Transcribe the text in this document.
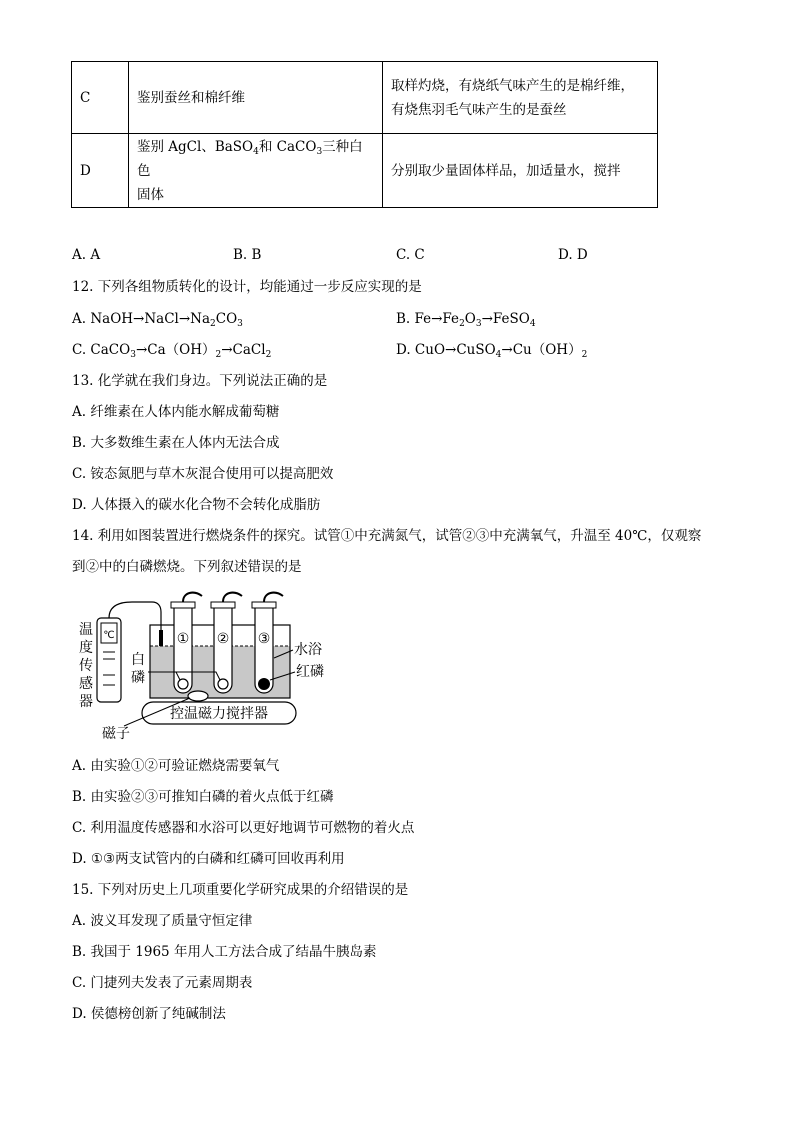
C	鉴别蚕丝和棉纤维	取样灼烧，有烧纸气味产生的是棉纤维，
有烧焦羽毛气味产生的是蚕丝

D	鉴别 AgCl、BaSO$_4$和 CaCO$_3$三种白色
固体	分别取少量固体样品，加适量水，搅拌
A. A	B. B	C. C	D. D
12. 下列各组物质转化的设计，均能通过一步反应实现的是
A. $NaOH\to NaCl\to Na_2CO_3$	B. $Fe\to Fe_2O_3\to FeSO_4$
C. $CaCO_3\to Ca(OH)_2\to CaCl_2$	D. $CuO\to CuSO_4\to Cu(OH)_2$
13. 化学就在我们身边。下列说法正确的是
A. 纤维素在人体内能水解成葡萄糖
B. 大多数维生素在人体内无法合成
C. 铵态氮肥与草木灰混合使用可以提高肥效
D. 人体摄入的碳水化合物不会转化成脂肪
14. 利用如图装置进行燃烧条件的探究。试管①中充满氮气，试管②③中充满氧气，升温至 40℃，仅观察
到②中的白磷燃烧。下列叙述错误的是
温
度
传
感
器
℃	① ② ③
白
磷
水浴
红磷
控温磁力搅拌器
磁子
A. 由实验①②可验证燃烧需要氧气
B. 由实验②③可推知白磷的着火点低于红磷
C. 利用温度传感器和水浴可以更好地调节可燃物的着火点
D. ①③两支试管内的白磷和红磷可回收再利用
15. 下列对历史上几项重要化学研究成果的介绍错误的是
A. 波义耳发现了质量守恒定律
B. 我国于 1965 年用人工方法合成了结晶牛胰岛素
C. 门捷列夫发表了元素周期表
D. 侯德榜创新了纯碱制法
